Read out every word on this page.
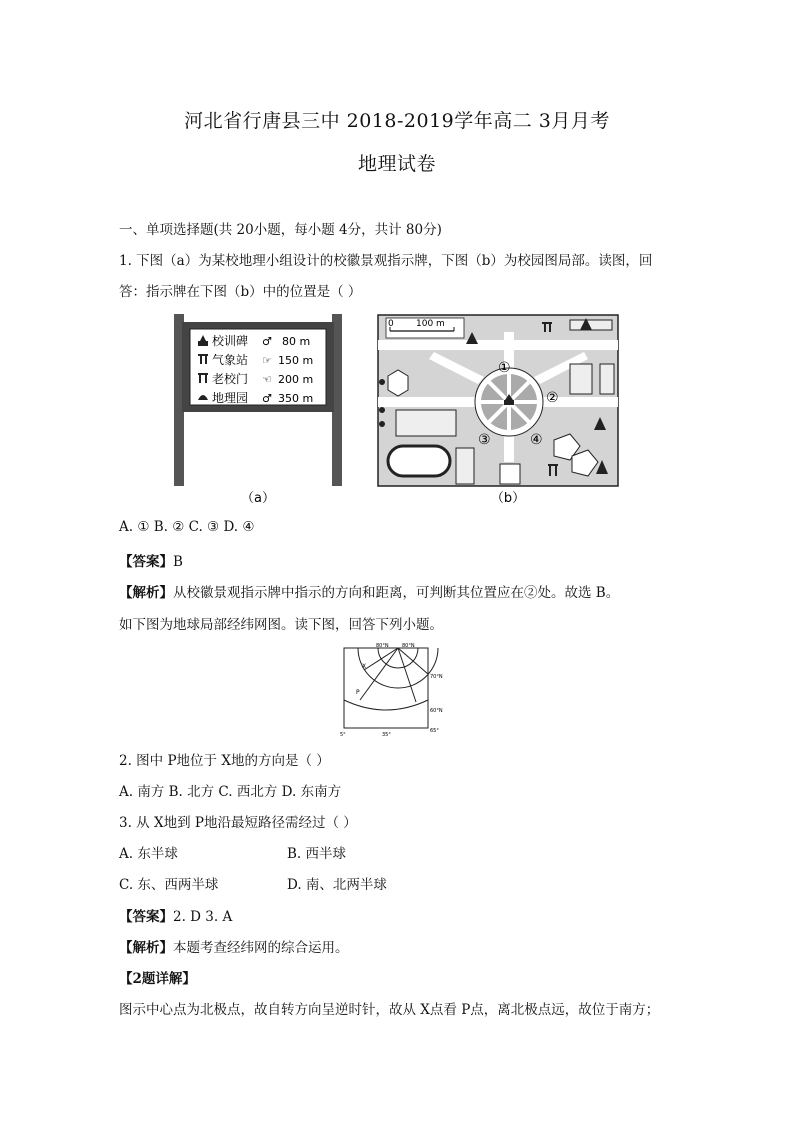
河北省行唐县三中 2018-2019学年高二 3月月考
地理试卷
一、单项选择题(共 20小题，每小题 4分，共计 80分)
1. 下图（a）为某校地理小组设计的校徽景观指示牌，下图（b）为校园图局部。读图，回
答：指示牌在下图（b）中的位置是（ ）
校训碑 ♂ 80 m
气象站 ☞ 150 m
老校门 ☜ 200 m
地理园 ♂ 350 m
（a）
0 100 m
①
②
③	④
（b）
A. ① B. ② C. ③ D. ④
【答案】B
【解析】从校徽景观指示牌中指示的方向和距离，可判断其位置应在②处。故选 B。
如下图为地球局部经纬网图。读下图，回答下列小题。
80°N	80°N
70°N
60°N
65°
5°	35°
X
P
2. 图中 P地位于 X地的方向是（ ）
A. 南方 B. 北方 C. 西北方 D. 东南方
3. 从 X地到 P地沿最短路径需经过（ ）
A. 东半球	B. 西半球
C. 东、西两半球	D. 南、北两半球
【答案】2. D 3. A
【解析】本题考查经纬网的综合运用。
【2题详解】
图示中心点为北极点，故自转方向呈逆时针，故从 X点看 P点，离北极点远，故位于南方；
